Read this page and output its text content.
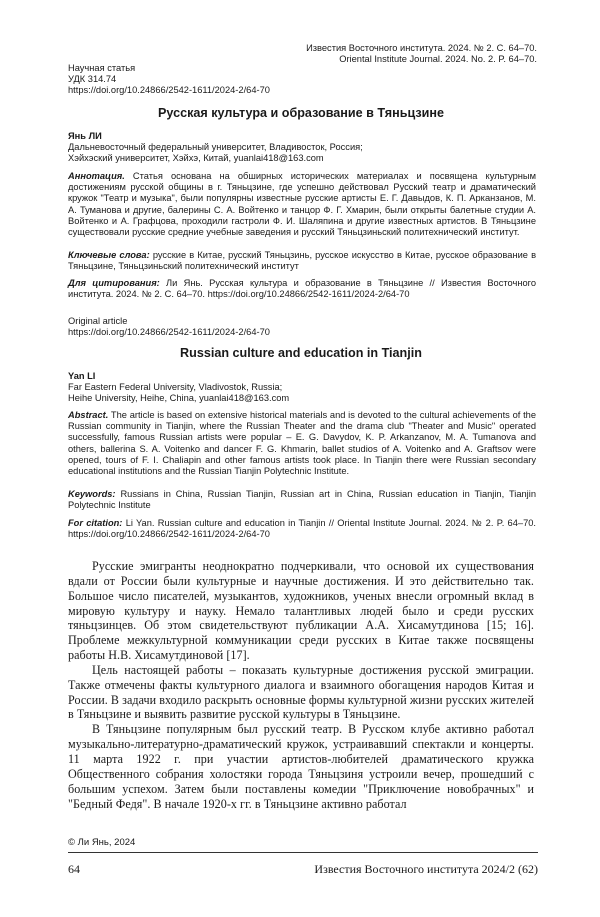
Известия Восточного института. 2024. № 2. С. 64–70.
Oriental Institute Journal. 2024. No. 2. P. 64–70.
Научная статья
УДК 314.74
https://doi.org/10.24866/2542-1611/2024-2/64-70
Русская культура и образование в Тяньцзине
Янь ЛИ
Дальневосточный федеральный университет, Владивосток, Россия;
Хэйхэский университет, Хэйхэ, Китай, yuanlai418@163.com
Аннотация. Статья основана на обширных исторических материалах и посвящена культурным достижениям русской общины в г. Тяньцзине, где успешно действовал Русский театр и драматический кружок "Театр и музыка", были популярны известные русские артисты Е. Г. Давыдов, К. П. Арканзанов, М. А. Туманова и другие, балерины С. А. Войтенко и танцор Ф. Г. Хмарин, были открыты балетные студии А. Войтенко и А. Графцова, проходили гастроли Ф. И. Шаляпина и другие известных артистов. В Тяньцзине существовали русские средние учебные заведения и русский Тяньцзиньский политехнический институт.
Ключевые слова: русские в Китае, русский Тяньцзинь, русское искусство в Китае, русское образование в Тяньцзине, Тяньцзиньский политехнический институт
Для цитирования: Ли Янь. Русская культура и образование в Тяньцзине // Известия Восточного института. 2024. № 2. С. 64–70. https://doi.org/10.24866/2542-1611/2024-2/64-70
Original article
https://doi.org/10.24866/2542-1611/2024-2/64-70
Russian culture and education in Tianjin
Yan LI
Far Eastern Federal University, Vladivostok, Russia;
Heihe University, Heihe, China, yuanlai418@163.com
Abstract. The article is based on extensive historical materials and is devoted to the cultural achievements of the Russian community in Tianjin, where the Russian Theater and the drama club "Theater and Music" operated successfully, famous Russian artists were popular – E. G. Davydov, K. P. Arkanzanov, M. A. Tumanova and others, ballerina S. A. Voitenko and dancer F. G. Khmarin, ballet studios of A. Voitenko and A. Graftsov were opened, tours of F. I. Chaliapin and other famous artists took place. In Tianjin there were Russian secondary educational institutions and the Russian Tianjin Polytechnic Institute.
Keywords: Russians in China, Russian Tianjin, Russian art in China, Russian education in Tianjin, Tianjin Polytechnic Institute
For citation: Li Yan. Russian culture and education in Tianjin // Oriental Institute Journal. 2024. № 2. P. 64–70. https://doi.org/10.24866/2542-1611/2024-2/64-70

Русские эмигранты неоднократно подчеркивали, что основой их существования вдали от России были культурные и научные достижения. И это действительно так. Большое число писателей, музыкантов, художников, ученых внесли огромный вклад в мировую культуру и науку. Немало талантливых людей было и среди русских тяньцзинцев. Об этом свидетельствуют публикации А.А. Хисамутдинова [15; 16]. Проблеме межкультурной коммуникации среди русских в Китае также посвящены работы Н.В. Хисамутдиновой [17].

Цель настоящей работы – показать культурные достижения русской эмиграции. Также отмечены факты культурного диалога и взаимного обогащения народов Китая и России. В задачи входило раскрыть основные формы культурной жизни русских жителей в Тяньцзине и выявить развитие русской культуры в Тяньцзине.

В Тяньцзине популярным был русский театр. В Русском клубе активно работал музыкально-литературно-драматический кружок, устраивавший спектакли и концерты. 11 марта 1922 г. при участии артистов-любителей драматического кружка Общественного собрания холостяки города Тяньцзиня устроили вечер, прошедший с большим успехом. Затем были поставлены комедии "Приключение новобрачных" и "Бедный Федя". В начале 1920-х гг. в Тяньцзине активно работал

© Ли Янь, 2024
64	Известия Восточного института 2024/2 (62)
